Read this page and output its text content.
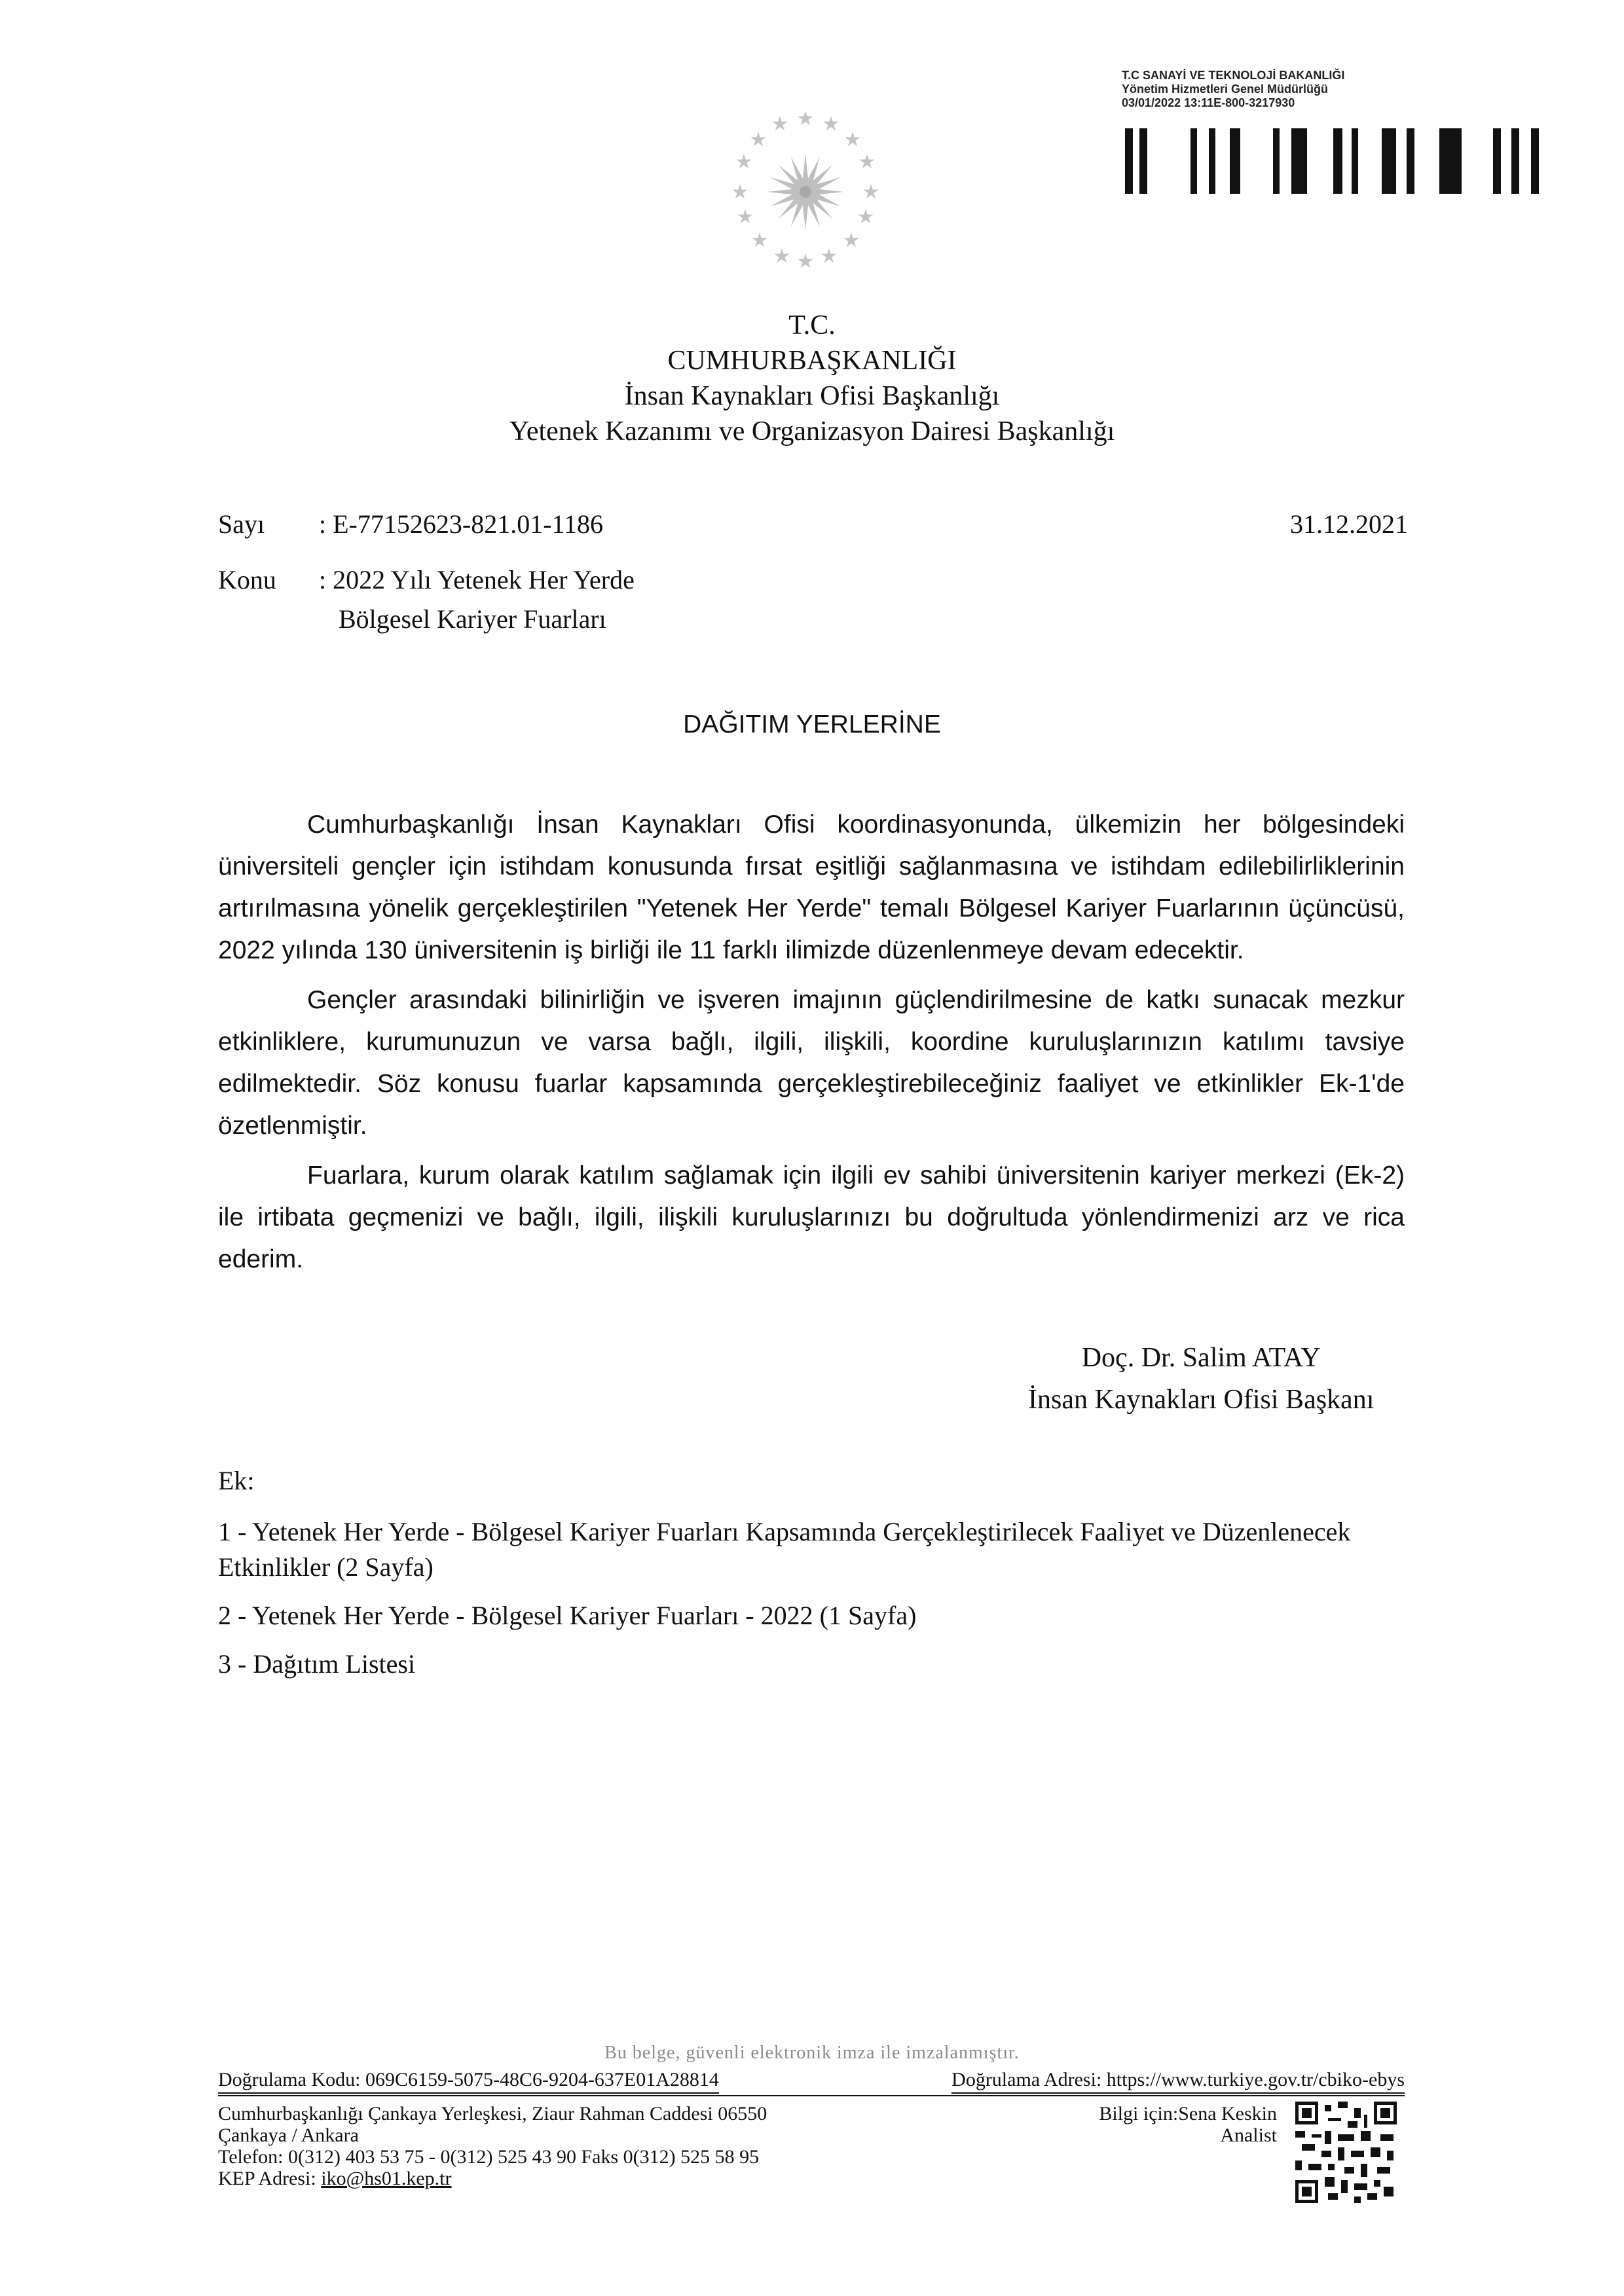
T.C SANAYİ VE TEKNOLOJİ BAKANLIĞI
Yönetim Hizmetleri Genel Müdürlüğü
03/01/2022 13:11E-800-3217930
★ ★
★
★
★
★
★
★
★
★
★
★
★
★
★
★
T.C.
CUMHURBAŞKANLIĞI
İnsan Kaynakları Ofisi Başkanlığı
Yetenek Kazanımı ve Organizasyon Dairesi Başkanlığı
Sayı : E-77152623-821.01-1186	31.12.2021
Konu : 2022 Yılı Yetenek Her Yerde
Bölgesel Kariyer Fuarları
DAĞITIM YERLERİNE

Cumhurbaşkanlığı İnsan Kaynakları Ofisi koordinasyonunda, ülkemizin her bölgesindeki üniversiteli gençler için istihdam konusunda fırsat eşitliği sağlanmasına ve istihdam edilebilirliklerinin artırılmasına yönelik gerçekleştirilen "Yetenek Her Yerde" temalı Bölgesel Kariyer Fuarlarının üçüncüsü, 2022 yılında 130 üniversitenin iş birliği ile 11 farklı ilimizde düzenlenmeye devam edecektir.

Gençler arasındaki bilinirliğin ve işveren imajının güçlendirilmesine de katkı sunacak mezkur etkinliklere, kurumunuzun ve varsa bağlı, ilgili, ilişkili, koordine kuruluşlarınızın katılımı tavsiye edilmektedir. Söz konusu fuarlar kapsamında gerçekleştirebileceğiniz faaliyet ve etkinlikler Ek-1'de özetlenmiştir.

Fuarlara, kurum olarak katılım sağlamak için ilgili ev sahibi üniversitenin kariyer merkezi (Ek-2) ile irtibata geçmenizi ve bağlı, ilgili, ilişkili kuruluşlarınızı bu doğrultuda yönlendirmenizi arz ve rica ederim.

Doç. Dr. Salim ATAY
İnsan Kaynakları Ofisi Başkanı
Ek:
1 - Yetenek Her Yerde - Bölgesel Kariyer Fuarları Kapsamında Gerçekleştirilecek Faaliyet ve Düzenlenecek Etkinlikler (2 Sayfa)
2 - Yetenek Her Yerde - Bölgesel Kariyer Fuarları - 2022 (1 Sayfa)
3 - Dağıtım Listesi
Bu belge, güvenli elektronik imza ile imzalanmıştır.
Doğrulama Kodu: 069C6159-5075-48C6-9204-637E01A28814	Doğrulama Adresi: https://www.turkiye.gov.tr/cbiko-ebys
Cumhurbaşkanlığı Çankaya Yerleşkesi, Ziaur Rahman Caddesi 06550
Çankaya / Ankara
Telefon: 0(312) 403 53 75 - 0(312) 525 43 90 Faks 0(312) 525 58 95
KEP Adresi: iko@hs01.kep.tr
Bilgi için:Sena Keskin
Analist
